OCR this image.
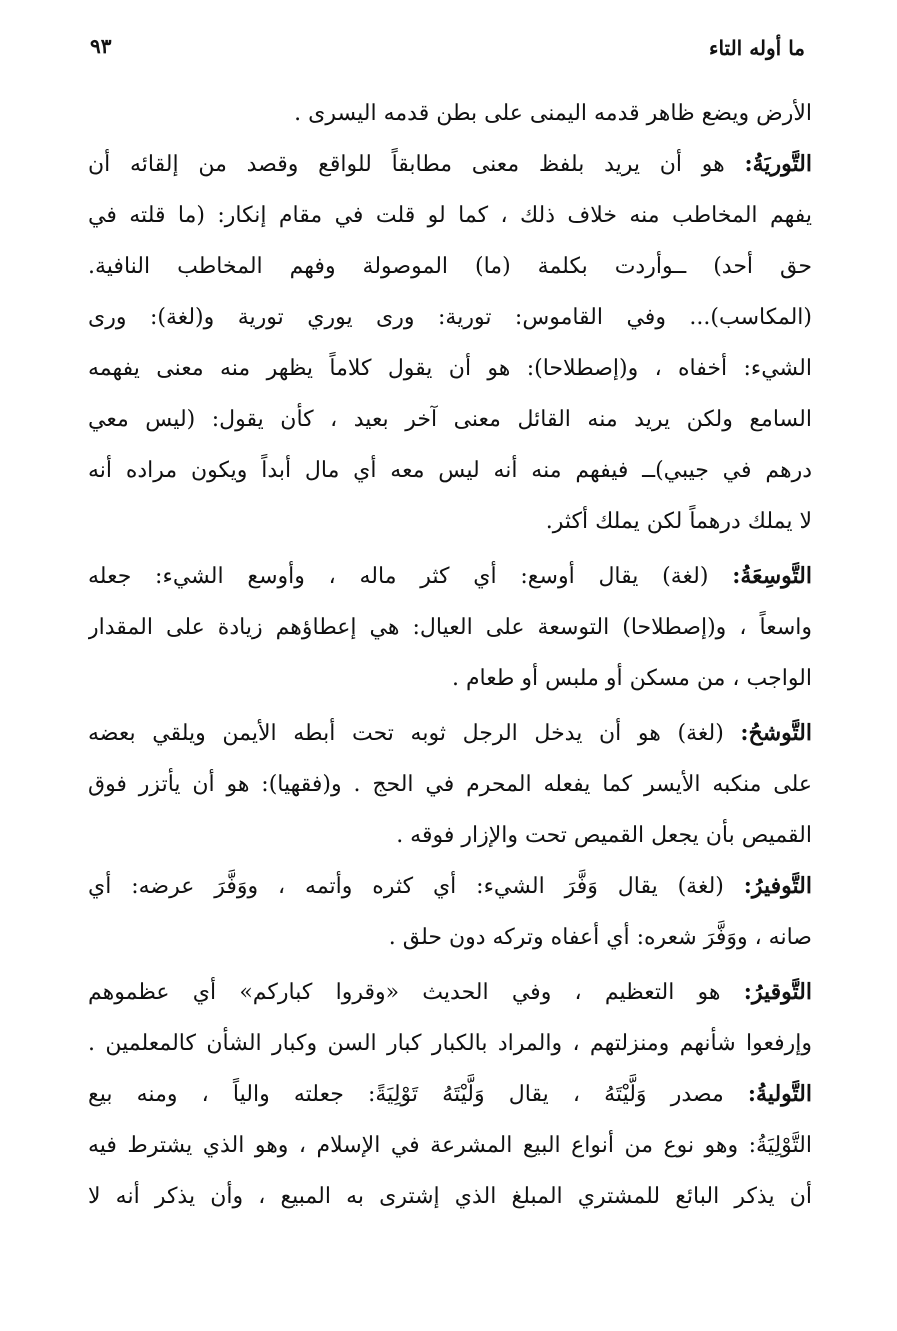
ما أوله التاء
٩٣
الأرض ويضع ظاهر قدمه اليمنى على بطن قدمه اليسرى .
التَّوريَةُ: هو أن يريد بلفظ معنى مطابقاً للواقع وقصد من إلقائه أن
يفهم المخاطب منه خلاف ذلك ، كما لو قلت في مقام إنكار: (ما قلته في
حق أحد) ــوأردت بكلمة (ما) الموصولة وفهم المخاطب النافية.
(المكاسب)... وفي القاموس: تورية: ورى يوري تورية و(لغة): ورى
الشيء: أخفاه ، و(إصطلاحا): هو أن يقول كلاماً يظهر منه معنى يفهمه
السامع ولكن يريد منه القائل معنى آخر بعيد ، كأن يقول: (ليس معي
درهم في جيبي)ــ فيفهم منه أنه ليس معه أي مال أبداً ويكون مراده أنه
لا يملك درهماً لكن يملك أكثر.
التَّوسِعَةُ: (لغة) يقال أوسع: أي كثر ماله ، وأوسع الشيء: جعله
واسعاً ، و(إصطلاحا) التوسعة على العيال: هي إعطاؤهم زيادة على المقدار
الواجب ، من مسكن أو ملبس أو طعام .
التَّوشحُ: (لغة) هو أن يدخل الرجل ثوبه تحت أبطه الأيمن ويلقي بعضه
على منكبه الأيسر كما يفعله المحرم في الحج . و(فقهيا): هو أن يأتزر فوق
القميص بأن يجعل القميص تحت والإزار فوقه .
التَّوفيرُ: (لغة) يقال وَفَّرَ الشيء: أي كثره وأتمه ، ووَفَّرَ عرضه: أي
صانه ، ووَفَّرَ شعره: أي أعفاه وتركه دون حلق .
التَّوقيرُ: هو التعظيم ، وفي الحديث «وقروا كباركم» أي عظموهم
وإرفعوا شأنهم ومنزلتهم ، والمراد بالكبار كبار السن وكبار الشأن كالمعلمين .
التَّوليةُ: مصدر وَلَّيْتَهُ ، يقال وَلَّيْتَهُ تَوْلِيَةً: جعلته والياً ، ومنه بيع
التَّوْلِيَةُ: وهو نوع من أنواع البيع المشرعة في الإسلام ، وهو الذي يشترط فيه
أن يذكر البائع للمشتري المبلغ الذي إشترى به المبيع ، وأن يذكر أنه لا
